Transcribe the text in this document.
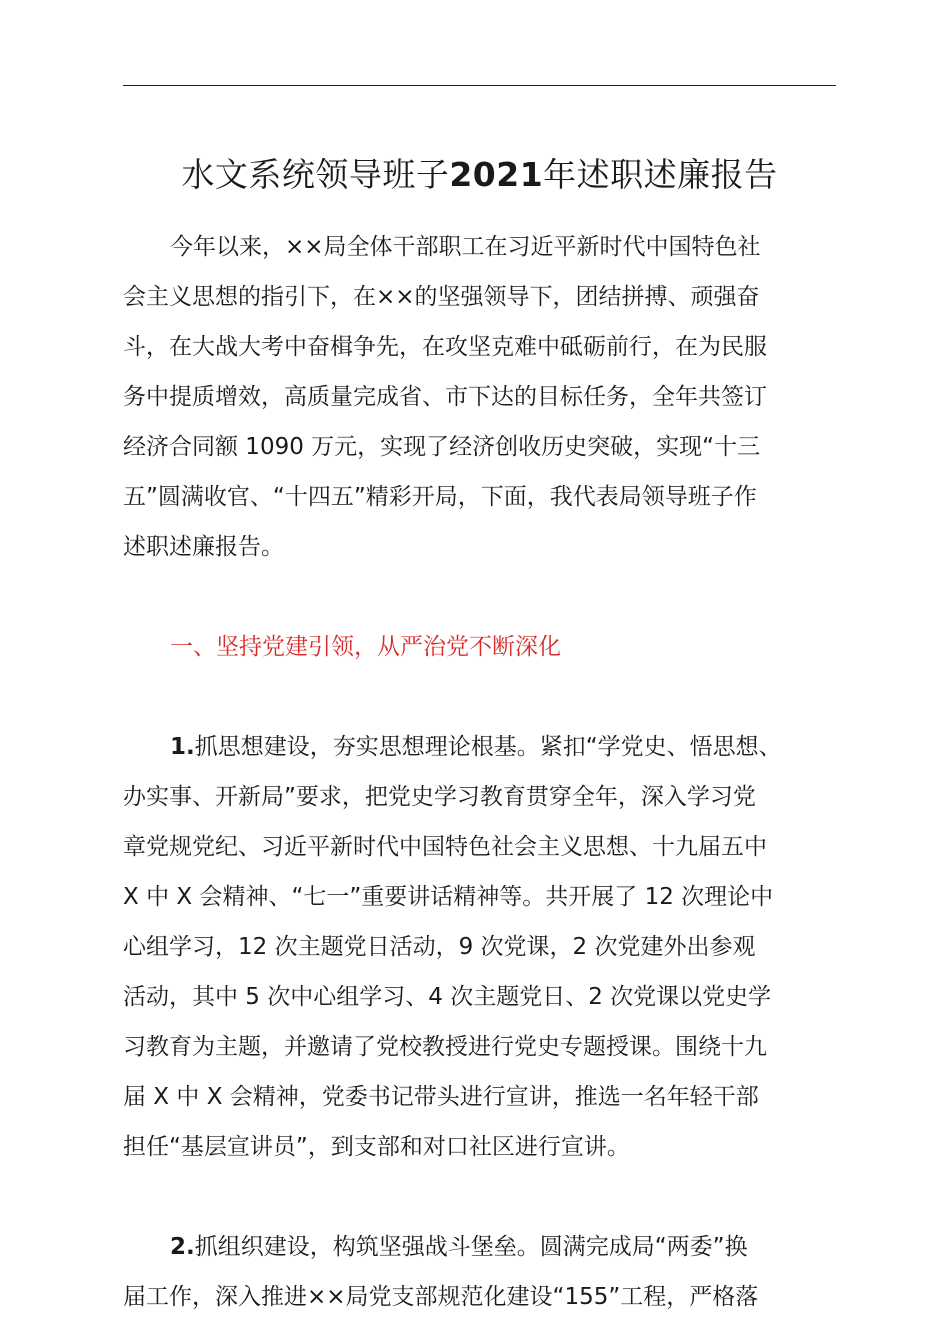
水文系统领导班子2021年述职述廉报告
今年以来，××局全体干部职工在习近平新时代中国特色社
会主义思想的指引下，在××的坚强领导下，团结拼搏、顽强奋
斗，在大战大考中奋楫争先，在攻坚克难中砥砺前行，在为民服
务中提质增效，高质量完成省、市下达的目标任务，全年共签订
经济合同额 1090 万元，实现了经济创收历史突破，实现“十三
五”圆满收官、“十四五”精彩开局，下面，我代表局领导班子作
述职述廉报告。
一、坚持党建引领，从严治党不断深化
1.抓思想建设，夯实思想理论根基。紧扣“学党史、悟思想、
办实事、开新局”要求，把党史学习教育贯穿全年，深入学习党
章党规党纪、习近平新时代中国特色社会主义思想、十九届五中
X 中 X 会精神、“七一”重要讲话精神等。共开展了 12 次理论中
心组学习，12 次主题党日活动，9 次党课，2 次党建外出参观
活动，其中 5 次中心组学习、4 次主题党日、2 次党课以党史学
习教育为主题，并邀请了党校教授进行党史专题授课。围绕十九
届 X 中 X 会精神，党委书记带头进行宣讲，推选一名年轻干部
担任“基层宣讲员”，到支部和对口社区进行宣讲。
2.抓组织建设，构筑坚强战斗堡垒。圆满完成局“两委”换
届工作，深入推进××局党支部规范化建设“155”工程，严格落
